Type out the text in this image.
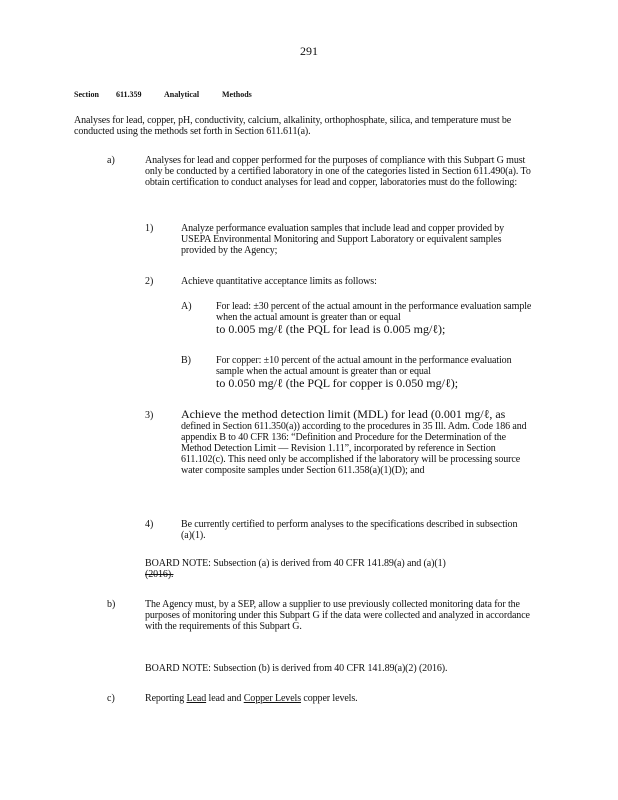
291
Section 611.359	Analytical	Methods

Analyses for lead, copper, pH, conductivity, calcium, alkalinity, orthophosphate, silica, and temperature must be conducted using the methods set forth in Section 611.611(a).

a)	Analyses for lead and copper performed for the purposes of compliance with this Subpart G must only be conducted by a certified laboratory in one of the categories listed in Section 611.490(a). To obtain certification to conduct analyses for lead and copper, laboratories must do the following:

1)	Analyze performance evaluation samples that include lead and copper provided by USEPA Environmental Monitoring and Support Laboratory or equivalent samples provided by the Agency;

2)	Achieve quantitative acceptance limits as follows:

A) For lead: ±30 percent of the actual amount in the performance evaluation sample when the actual amount is greater than or equal
to 0.005 mg/ℓ (the PQL for lead is 0.005 mg/ℓ);
B)	For copper: ±10 percent of the actual amount in the performance evaluation sample when the actual amount is greater than or equal
to 0.050 mg/ℓ (the PQL for copper is 0.050 mg/ℓ);
3) Achieve the method detection limit (MDL) for lead (0.001 mg/ℓ, as
defined in Section 611.350(a)) according to the procedures in 35 Ill. Adm. Code 186 and appendix B to 40 CFR 136: “Definition and Procedure for the Determination of the Method Detection Limit — Revision 1.11”, incorporated by reference in Section 611.102(c). This need only be accomplished if the laboratory will be processing source water composite samples under Section 611.358(a)(1)(D); and
4)	Be currently certified to perform analyses to the specifications described in subsection (a)(1).

BOARD NOTE: Subsection (a) is derived from 40 CFR 141.89(a) and (a)(1)
(2016).
b)	The Agency must, by a SEP, allow a supplier to use previously collected monitoring data for the purposes of monitoring under this Subpart G if the data were collected and analyzed in accordance with the requirements of this Subpart G.

BOARD NOTE: Subsection (b) is derived from 40 CFR 141.89(a)(2) (2016).

c)	Reporting Lead lead and Copper Levels copper levels.
